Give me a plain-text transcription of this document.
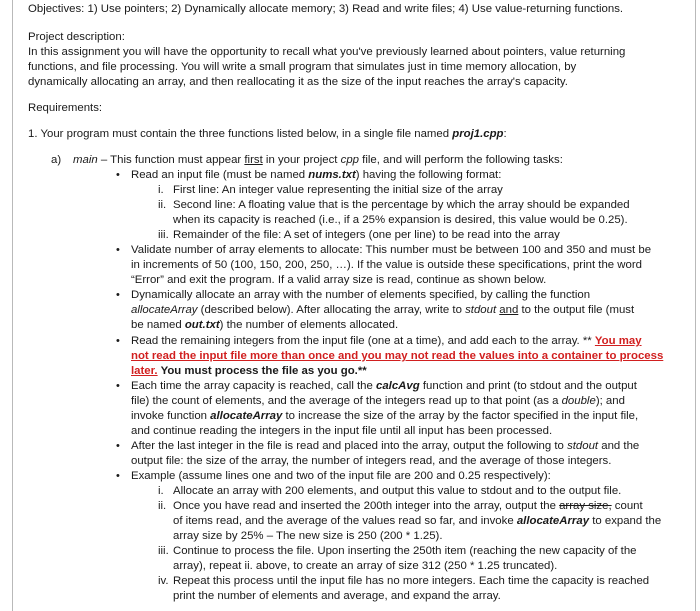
Objectives: 1) Use pointers; 2) Dynamically allocate memory; 3) Read and write files; 4) Use value-returning functions.
Project description:
In this assignment you will have the opportunity to recall what you've previously learned about pointers, value returning
functions, and file processing. You will write a small program that simulates just in time memory allocation, by
dynamically allocating an array, and then reallocating it as the size of the input reaches the array's capacity.
Requirements:
1. Your program must contain the three functions listed below, in a single file named proj1.cpp:
a) main – This function must appear first in your project cpp file, and will perform the following tasks:
• Read an input file (must be named nums.txt) having the following format:
i. First line: An integer value representing the initial size of the array
ii. Second line: A floating value that is the percentage by which the array should be expanded
when its capacity is reached (i.e., if a 25% expansion is desired, this value would be 0.25).
iii. Remainder of the file: A set of integers (one per line) to be read into the array
• Validate number of array elements to allocate: This number must be between 100 and 350 and must be
in increments of 50 (100, 150, 200, 250, …). If the value is outside these specifications, print the word
“Error” and exit the program. If a valid array size is read, continue as shown below.
• Dynamically allocate an array with the number of elements specified, by calling the function
allocateArray (described below). After allocating the array, write to stdout and to the output file (must
be named out.txt) the number of elements allocated.
• Read the remaining integers from the input file (one at a time), and add each to the array. ** You may
not read the input file more than once and you may not read the values into a container to process
later. You must process the file as you go.**
• Each time the array capacity is reached, call the calcAvg function and print (to stdout and the output
file) the count of elements, and the average of the integers read up to that point (as a double); and
invoke function allocateArray to increase the size of the array by the factor specified in the input file,
and continue reading the integers in the input file until all input has been processed.
• After the last integer in the file is read and placed into the array, output the following to stdout and the
output file: the size of the array, the number of integers read, and the average of those integers.
• Example (assume lines one and two of the input file are 200 and 0.25 respectively):
i. Allocate an array with 200 elements, and output this value to stdout and to the output file.
ii. Once you have read and inserted the 200th integer into the array, output the array size, count
of items read, and the average of the values read so far, and invoke allocateArray to expand the
array size by 25% – The new size is 250 (200 * 1.25).
iii. Continue to process the file. Upon inserting the 250th item (reaching the new capacity of the
array), repeat ii. above, to create an array of size 312 (250 * 1.25 truncated).
iv. Repeat this process until the input file has no more integers. Each time the capacity is reached
print the number of elements and average, and expand the array.
